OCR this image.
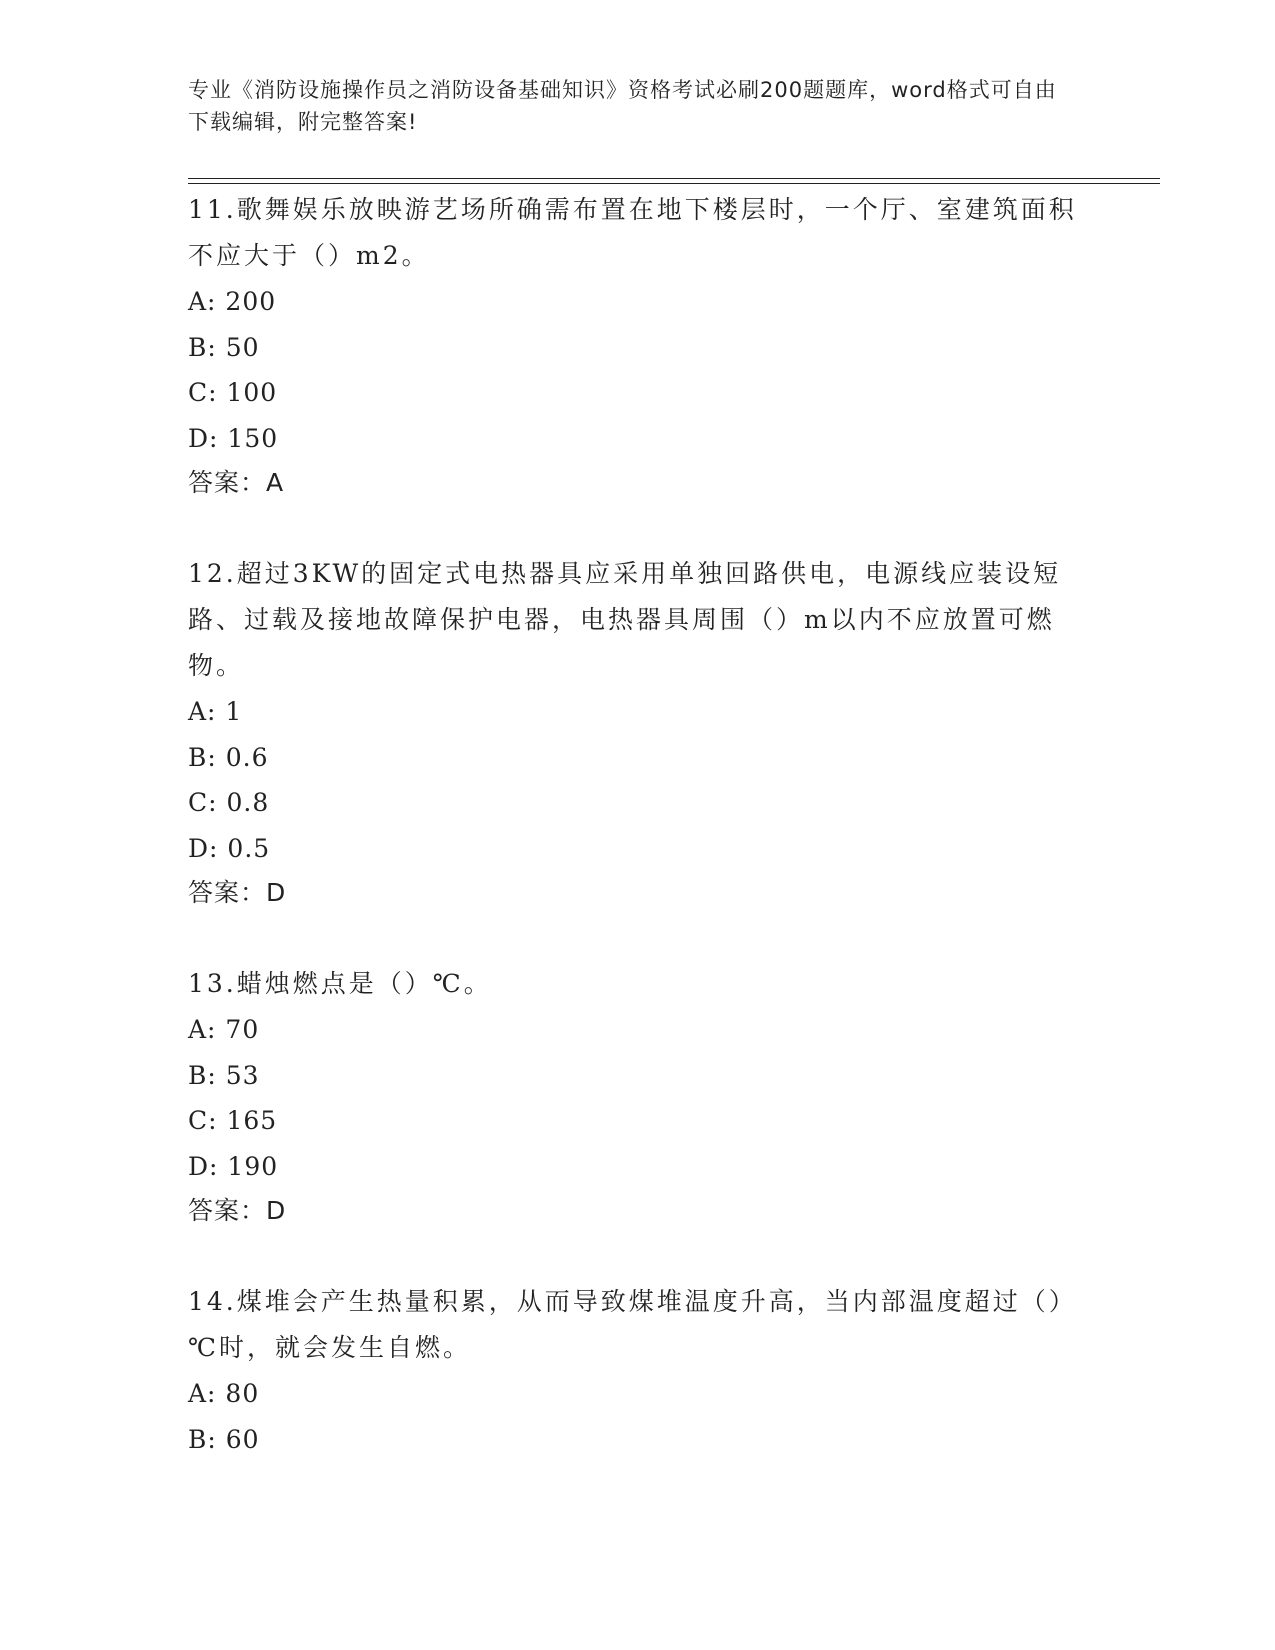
专业《消防设施操作员之消防设备基础知识》资格考试必刷200题题库，word格式可自由下载编辑，附完整答案!
11.歌舞娱乐放映游艺场所确需布置在地下楼层时，一个厅、室建筑面积不应大于（）m2。
A: 200
B: 50
C: 100
D: 150
答案：A
12.超过3KW的固定式电热器具应采用单独回路供电，电源线应装设短路、过载及接地故障保护电器，电热器具周围（）m以内不应放置可燃物。
A: 1
B: 0.6
C: 0.8
D: 0.5
答案：D
13.蜡烛燃点是（）℃。
A: 70
B: 53
C: 165
D: 190
答案：D
14.煤堆会产生热量积累，从而导致煤堆温度升高，当内部温度超过（）℃时，就会发生自燃。
A: 80
B: 60
